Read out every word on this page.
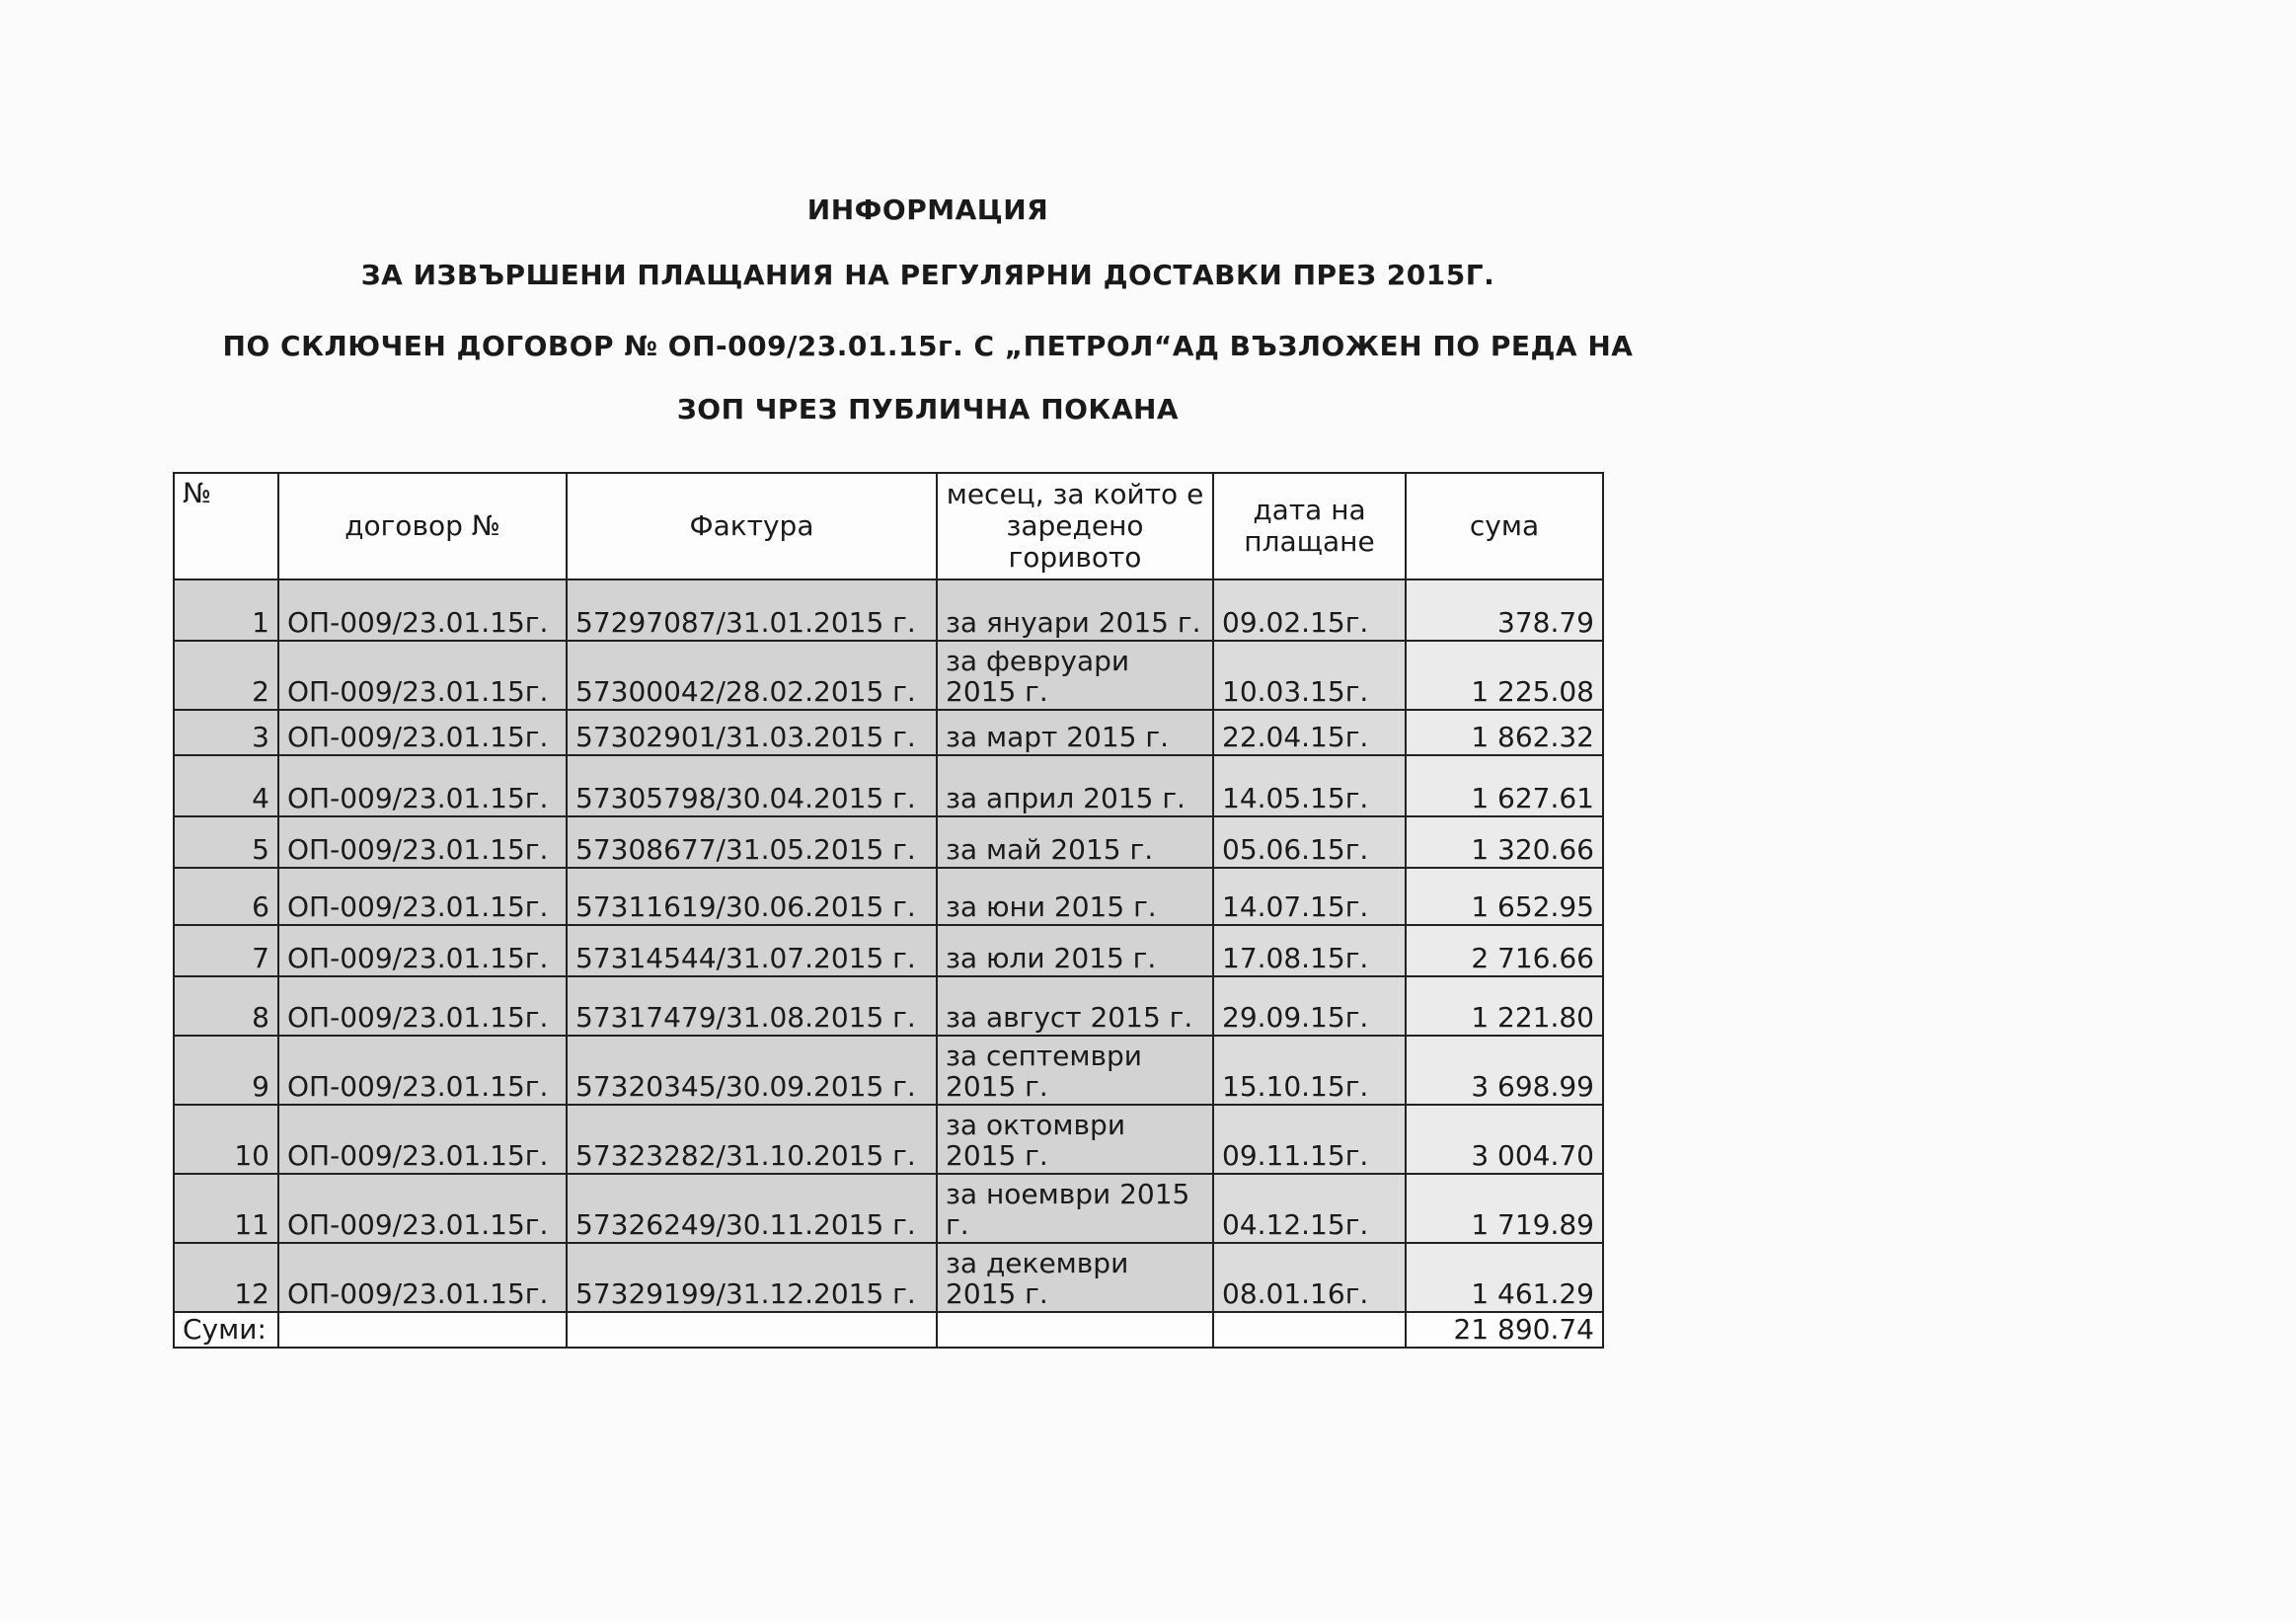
ИНФОРМАЦИЯ
ЗА ИЗВЪРШЕНИ ПЛАЩАНИЯ НА РЕГУЛЯРНИ ДОСТАВКИ ПРЕЗ 2015Г.
ПО СКЛЮЧЕН ДОГОВОР № ОП-009/23.01.15г. С „ПЕТРОЛ“АД ВЪЗЛОЖЕН ПО РЕДА НА
ЗОП ЧРЕЗ ПУБЛИЧНА ПОКАНА
№	договор №	Фактура	месец, за който е заредено горивото	дата на плащане	сума
1	ОП-009/23.01.15г.	57297087/31.01.2015 г.	за януари 2015 г.	09.02.15г.	378.79
2	ОП-009/23.01.15г.	57300042/28.02.2015 г.	за февруари 2015 г.	10.03.15г.	1 225.08
3	ОП-009/23.01.15г.	57302901/31.03.2015 г.	за март 2015 г.	22.04.15г.	1 862.32
4	ОП-009/23.01.15г.	57305798/30.04.2015 г.	за април 2015 г.	14.05.15г.	1 627.61
5	ОП-009/23.01.15г.	57308677/31.05.2015 г.	за май 2015 г.	05.06.15г.	1 320.66
6	ОП-009/23.01.15г.	57311619/30.06.2015 г.	за юни 2015 г.	14.07.15г.	1 652.95
7	ОП-009/23.01.15г.	57314544/31.07.2015 г.	за юли 2015 г.	17.08.15г.	2 716.66
8	ОП-009/23.01.15г.	57317479/31.08.2015 г.	за август 2015 г.	29.09.15г.	1 221.80
9	ОП-009/23.01.15г.	57320345/30.09.2015 г.	за септември 2015 г.	15.10.15г.	3 698.99
10	ОП-009/23.01.15г.	57323282/31.10.2015 г.	за октомври 2015 г.	09.11.15г.	3 004.70
11	ОП-009/23.01.15г.	57326249/30.11.2015 г.	за ноември 2015 г.	04.12.15г.	1 719.89
12	ОП-009/23.01.15г.	57329199/31.12.2015 г.	за декември 2015 г.	08.01.16г.	1 461.29
Суми:					21 890.74
